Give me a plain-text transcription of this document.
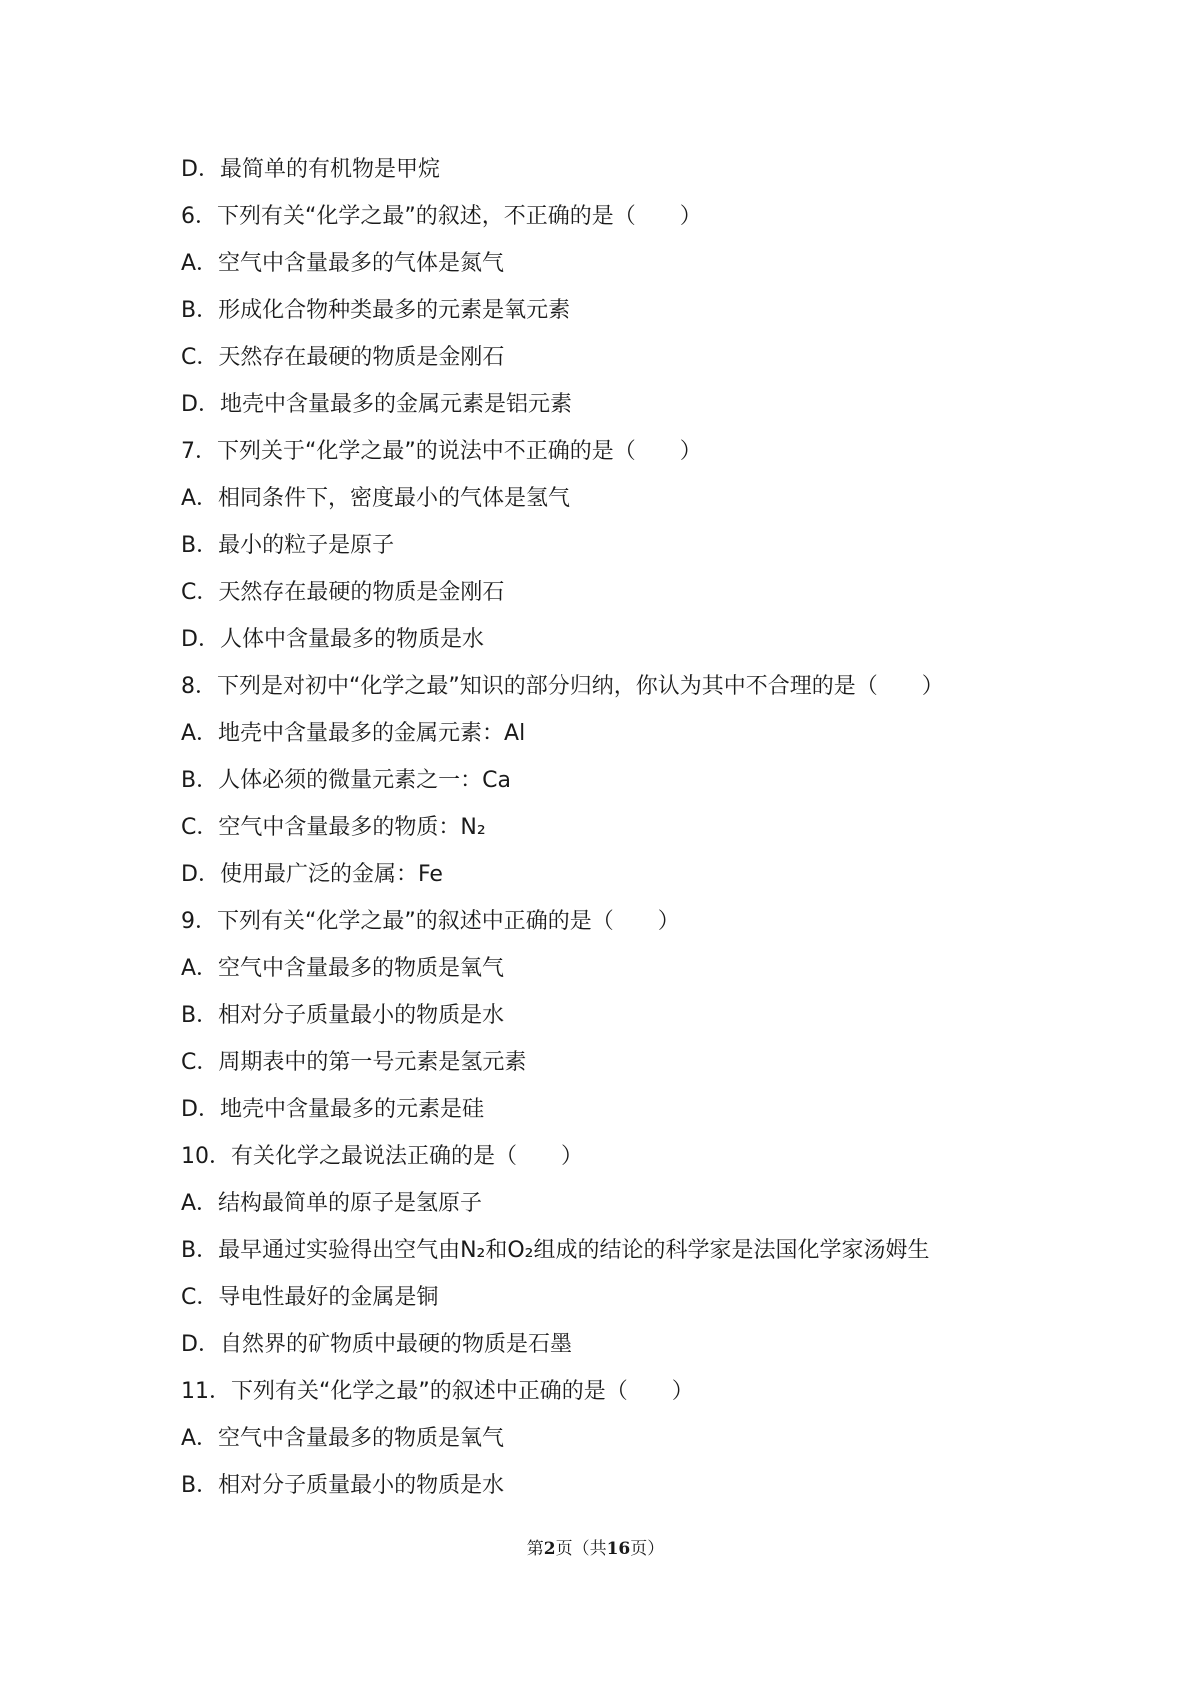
D．最简单的有机物是甲烷
6．下列有关“化学之最”的叙述，不正确的是（　　）
A．空气中含量最多的气体是氮气
B．形成化合物种类最多的元素是氧元素
C．天然存在最硬的物质是金刚石
D．地壳中含量最多的金属元素是铝元素
7．下列关于“化学之最”的说法中不正确的是（　　）
A．相同条件下，密度最小的气体是氢气
B．最小的粒子是原子
C．天然存在最硬的物质是金刚石
D．人体中含量最多的物质是水
8．下列是对初中“化学之最”知识的部分归纳，你认为其中不合理的是（　　）
A．地壳中含量最多的金属元素：Al
B．人体必须的微量元素之一：Ca
C．空气中含量最多的物质：N₂
D．使用最广泛的金属：Fe
9．下列有关“化学之最”的叙述中正确的是（　　）
A．空气中含量最多的物质是氧气
B．相对分子质量最小的物质是水
C．周期表中的第一号元素是氢元素
D．地壳中含量最多的元素是硅
10．有关化学之最说法正确的是（　　）
A．结构最简单的原子是氢原子
B．最早通过实验得出空气由N₂和O₂组成的结论的科学家是法国化学家汤姆生
C．导电性最好的金属是铜
D．自然界的矿物质中最硬的物质是石墨
11．下列有关“化学之最”的叙述中正确的是（　　）
A．空气中含量最多的物质是氧气
B．相对分子质量最小的物质是水
第2页（共16页）
